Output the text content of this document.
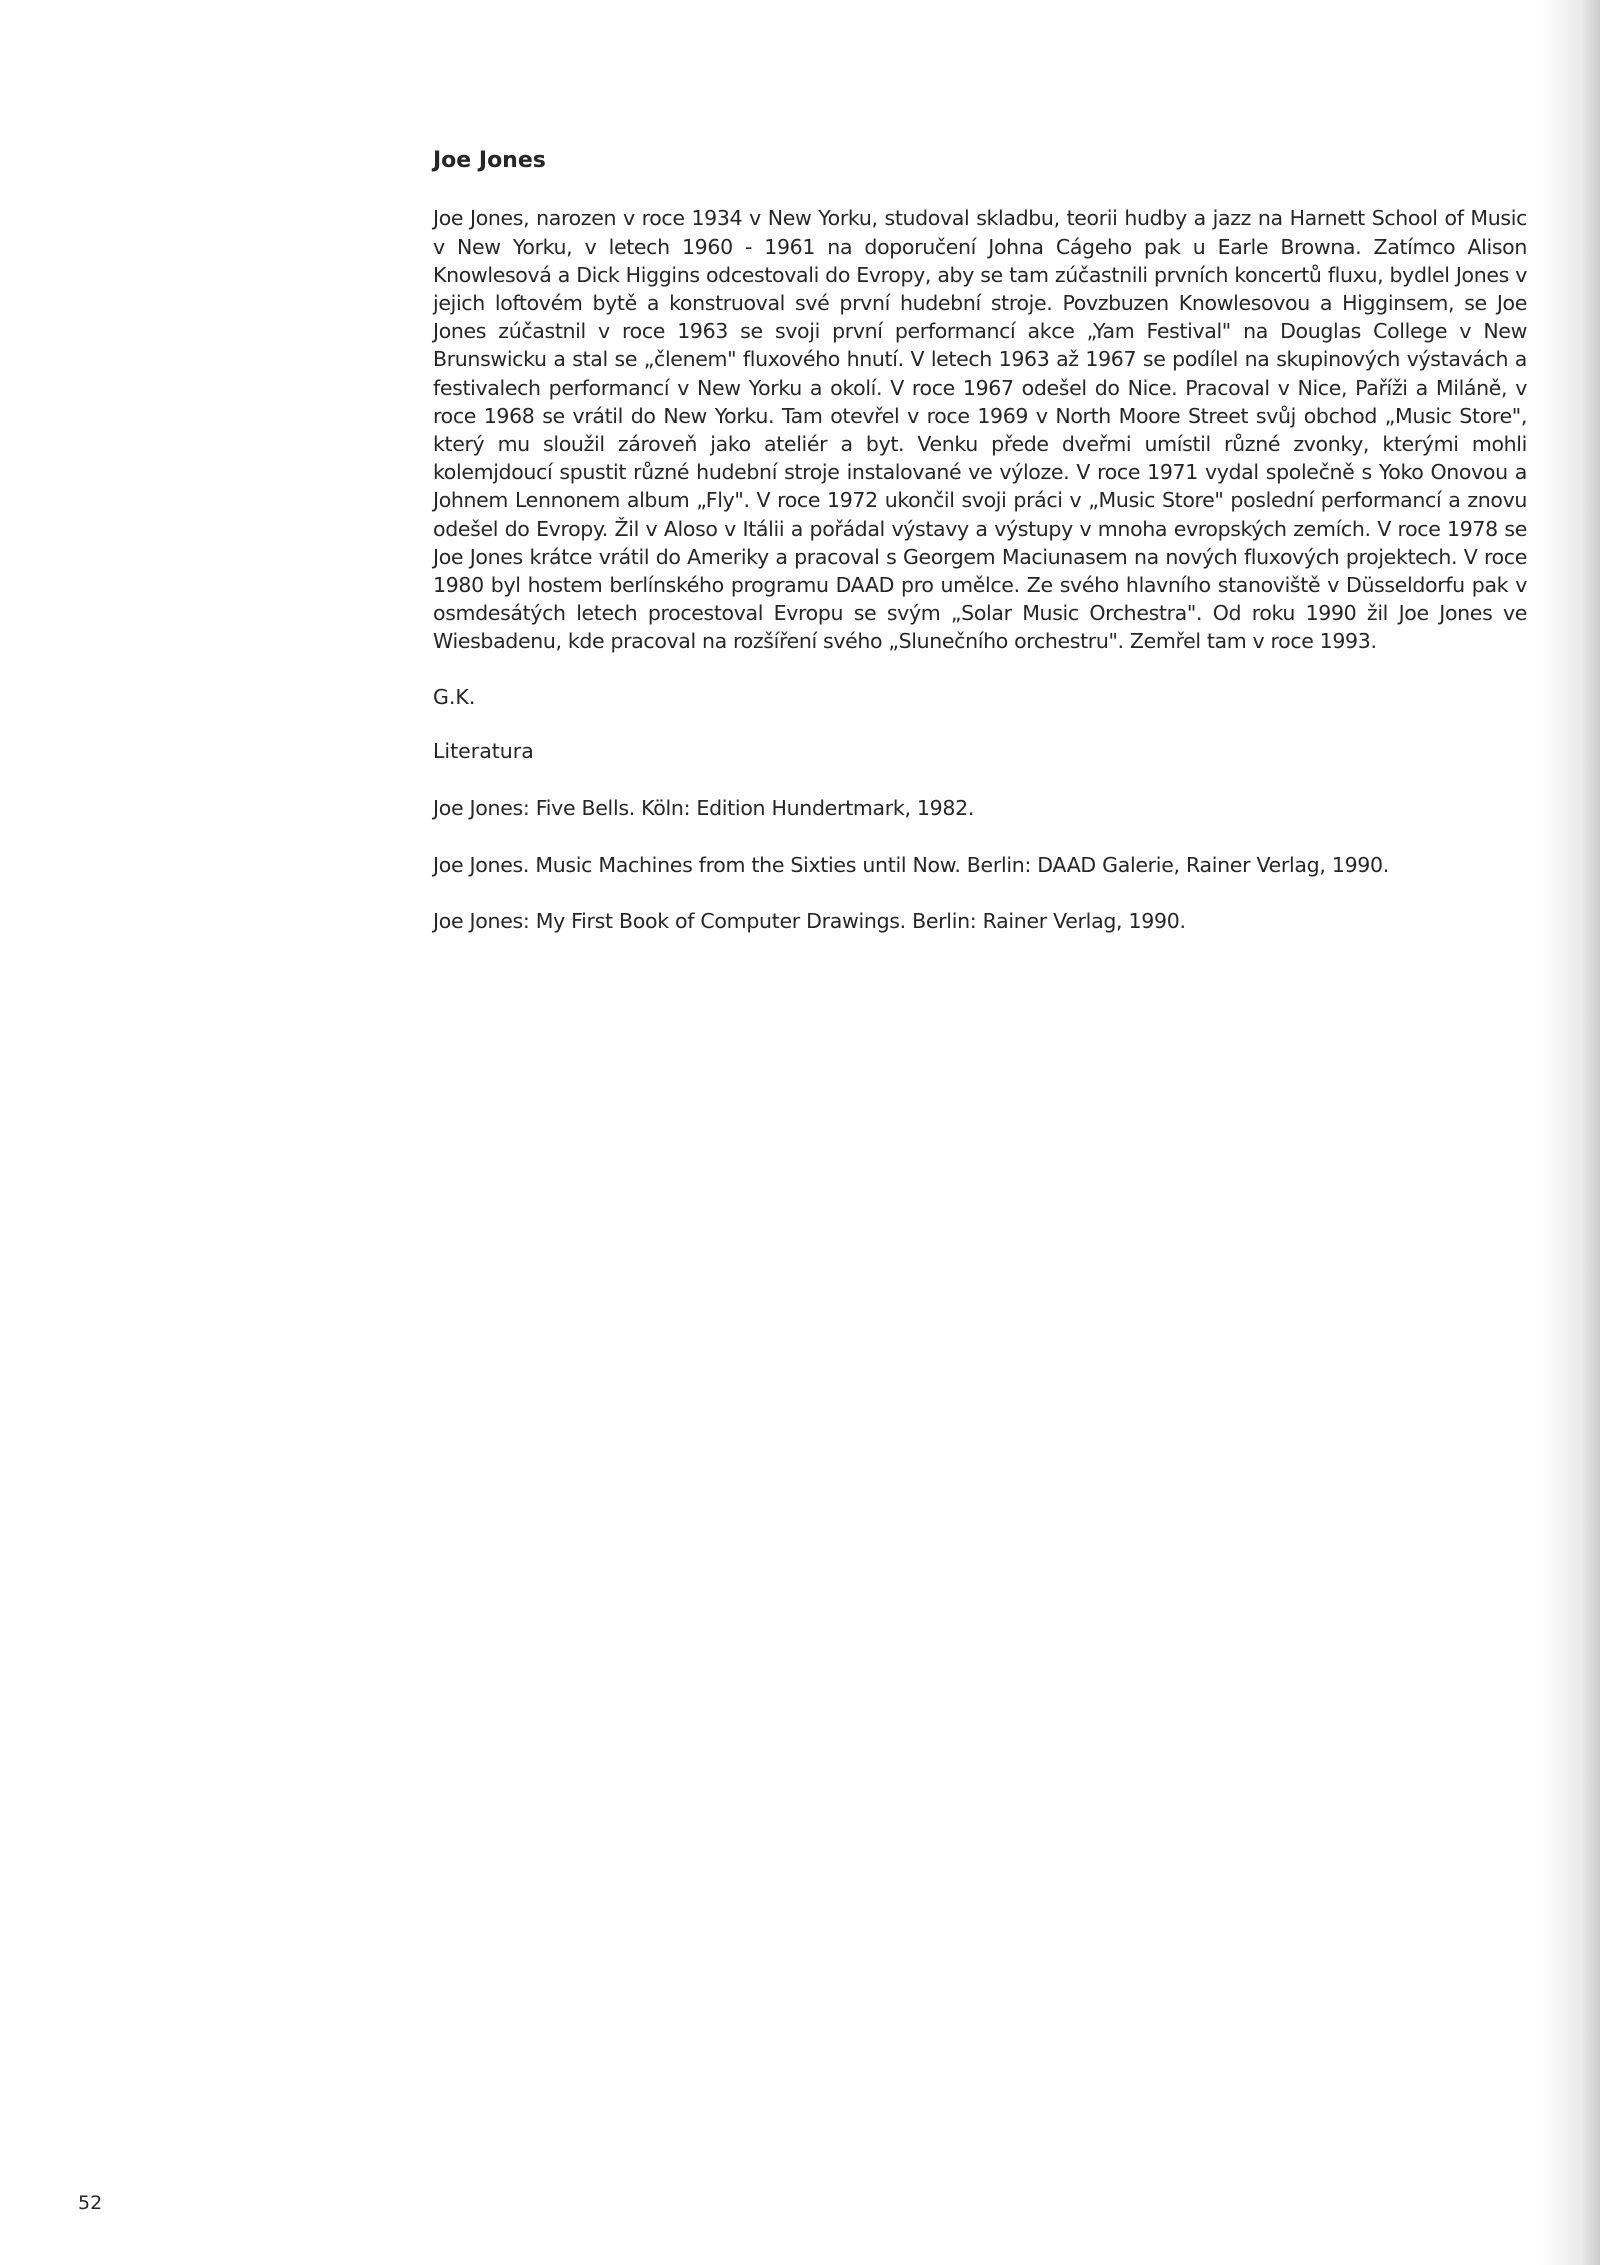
Joe Jones

Joe Jones, narozen v roce 1934 v New Yorku, studoval skladbu, teorii hudby a jazz na Harnett School of Music v New Yorku, v letech 1960 - 1961 na doporučení Johna Cágeho pak u Earle Browna. Zatímco Alison Knowlesová a Dick Higgins odcestovali do Evropy, aby se tam zúčastnili prvních koncertů fluxu, bydlel Jones v jejich loftovém bytě a konstruoval své první hudební stroje. Povzbuzen Knowlesovou a Higginsem, se Joe Jones zúčastnil v roce 1963 se svoji první performancí akce „Yam Festival" na Douglas College v New Brunswicku a stal se „členem" fluxového hnutí. V letech 1963 až 1967 se podílel na skupinových výstavách a festivalech performancí v New Yorku a okolí. V roce 1967 odešel do Nice. Pracoval v Nice, Paříži a Miláně, v roce 1968 se vrátil do New Yorku. Tam otevřel v roce 1969 v North Moore Street svůj obchod „Music Store", který mu sloužil zároveň jako ateliér a byt. Venku přede dveřmi umístil různé zvonky, kterými mohli kolemjdoucí spustit různé hudební stroje instalované ve výloze. V roce 1971 vydal společně s Yoko Onovou a Johnem Lennonem album „Fly". V roce 1972 ukončil svoji práci v „Music Store" poslední performancí a znovu odešel do Evropy. Žil v Aloso v Itálii a pořádal výstavy a výstupy v mnoha evropských zemích. V roce 1978 se Joe Jones krátce vrátil do Ameriky a pracoval s Georgem Maciunasem na nových fluxových projektech. V roce 1980 byl hostem berlínského programu DAAD pro umělce. Ze svého hlavního stanoviště v Düsseldorfu pak v osmdesátých letech procestoval Evropu se svým „Solar Music Orchestra". Od roku 1990 žil Joe Jones ve Wiesbadenu, kde pracoval na rozšíření svého „Slunečního orchestru". Zemřel tam v roce 1993.

G.K.

Literatura

Joe Jones: Five Bells. Köln: Edition Hundertmark, 1982.

Joe Jones. Music Machines from the Sixties until Now. Berlin: DAAD Galerie, Rainer Verlag, 1990.

Joe Jones: My First Book of Computer Drawings. Berlin: Rainer Verlag, 1990.

52
